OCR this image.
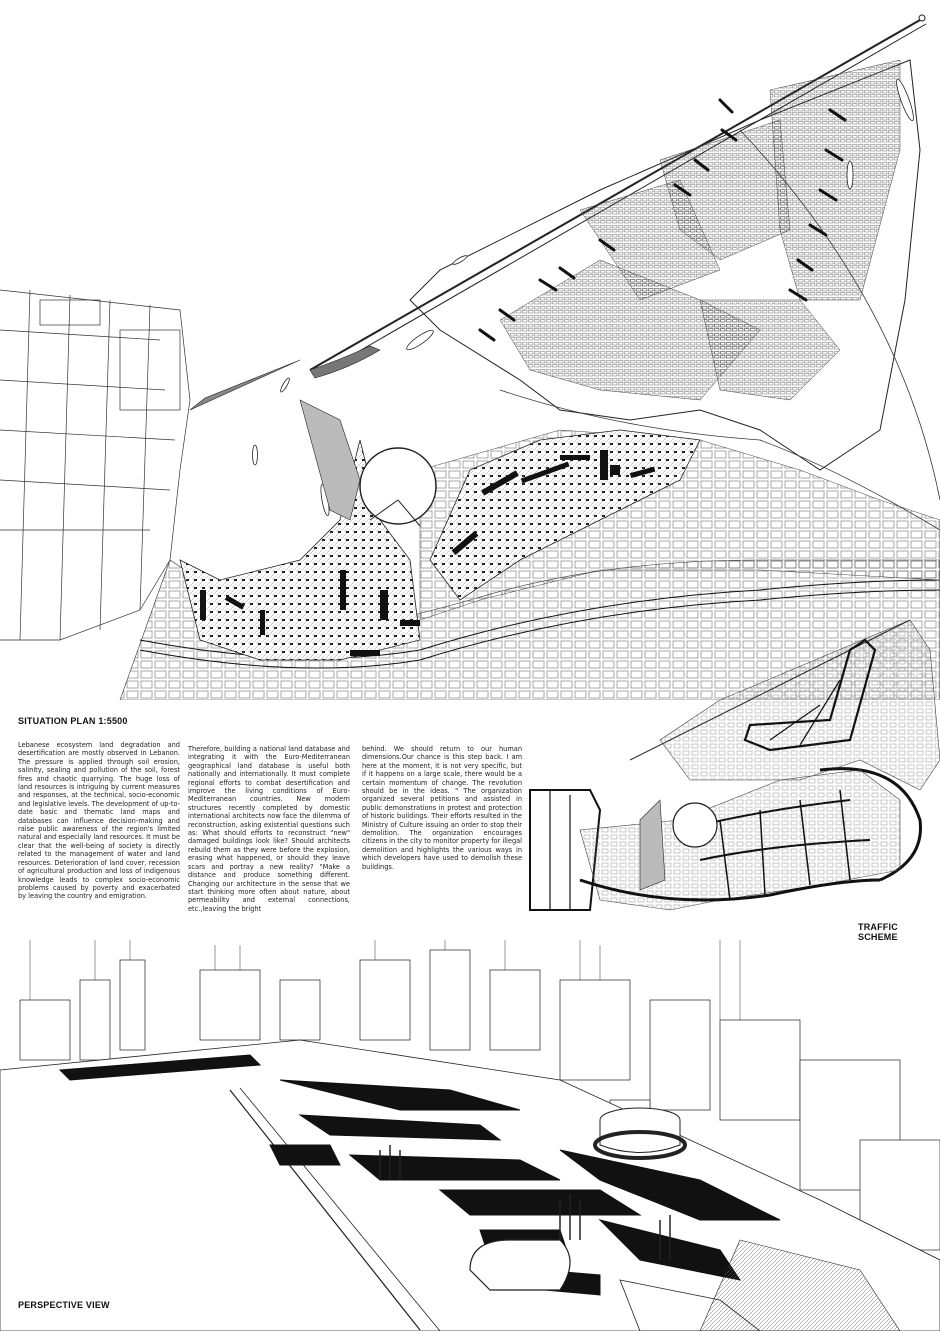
SITUATION PLAN 1:5500
Lebanese ecosystem land degradation and desertification are mostly observed in Lebanon. The pressure is applied through soil erosion, salinity, sealing and pollution of the soil, forest fires and chaotic quarrying. The huge loss of land resources is intriguing by current measures and responses, at the technical, socio-economic and legislative levels. The development of up-to-date basic and thematic land maps and databases can influence decision-making and raise public awareness of the region's limited natural and especially land resources. It must be clear that the well-being of society is directly related to the management of water and land resources. Deterioration of land cover, recession of agricultural production and loss of indigenous knowledge leads to complex socio-economic problems caused by poverty and exacerbated by leaving the country and emigration.
Therefore, building a national land database and integrating it with the Euro-Mediterranean geographical land database is useful both nationally and internationally. It must complete regional efforts to combat desertification and improve the living conditions of Euro-Mediterranean countries. New modern structures recently completed by domestic international architects now face the dilemma of reconstruction, asking existential questions such as: What should efforts to reconstruct "new" damaged buildings look like? Should architects rebuild them as they were before the explosion, erasing what happened, or should they leave scars and portray a new reality? "Make a distance and produce something different. Changing our architecture in the sense that we start thinking more often about nature, about permeability and external connections, etc.,leaving the bright
behind. We should return to our human dimensions.Our chance is this step back. I am here at the moment, it is not very specific, but if it happens on a large scale, there would be a certain momentum of change. The revolution should be in the ideas. " The organization organized several petitions and assisted in public demonstrations in protest and protection of historic buildings. Their efforts resulted in the Ministry of Culture issuing an order to stop their demolition. The organization encourages citizens in the city to monitor property for illegal demolition and highlights the various ways in which developers have used to demolish these buildings.
TRAFFIC SCHEME
PERSPECTIVE VIEW
